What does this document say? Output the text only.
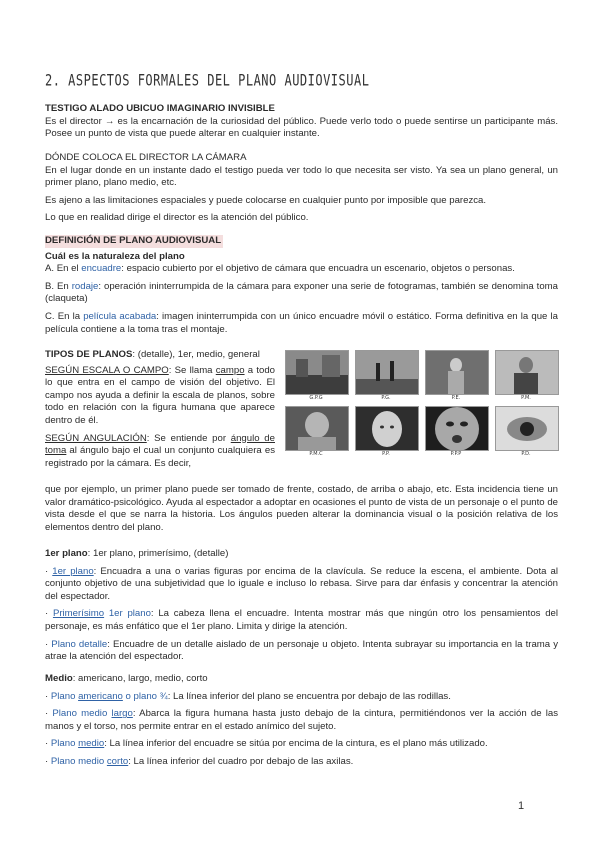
2. ASPECTOS FORMALES DEL PLANO AUDIOVISUAL

TESTIGO ALADO UBICUO IMAGINARIO INVISIBLE

Es el director → es la encarnación de la curiosidad del público. Puede verlo todo o puede sentirse un participante más. Posee un punto de vista que puede alterar en cualquier instante.

DÓNDE COLOCA EL DIRECTOR LA CÁMARA

En el lugar donde en un instante dado el testigo pueda ver todo lo que necesita ser visto. Ya sea un plano general, un primer plano, plano medio, etc.

Es ajeno a las limitaciones espaciales y puede colocarse en cualquier punto por imposible que parezca.

Lo que en realidad dirige el director es la atención del público.

DEFINICIÓN DE PLANO AUDIOVISUAL

Cuál es la naturaleza del plano

A. En el encuadre: espacio cubierto por el objetivo de cámara que encuadra un escenario, objetos o personas.

B. En rodaje: operación ininterrumpida de la cámara para exponer una serie de fotogramas, también se denomina toma (claqueta)

C. En la película acabada: imagen ininterrumpida con un único encuadre móvil o estático. Forma definitiva en la que la película contiene a la toma tras el montaje.

TIPOS DE PLANOS: (detalle), 1er, medio, general

SEGÚN ESCALA O CAMPO: Se llama campo a todo lo que entra en el campo de visión del objetivo. El campo nos ayuda a definir la escala de planos, sobre todo en relación con la figura humana que aparece dentro de él.

SEGÚN ANGULACIÓN: Se entiende por ángulo de toma al ángulo bajo el cual un conjunto cualquiera es registrado por la cámara. Es decir,

que por ejemplo, un primer plano puede ser tomado de frente, costado, de arriba o abajo, etc. Esta incidencia tiene un valor dramático-psicológico. Ayuda al espectador a adoptar en ocasiones el punto de vista de un personaje o el punto de vista desde el que se narra la historia. Los ángulos pueden alterar la dominancia visual o la posición relativa de los elementos dentro del plano.
G.P.G	P.G.	P.E.	P.M.
P.M.C	P.P.	P.P.P	P.D.

1er plano: 1er plano, primerísimo, (detalle)

· 1er plano: Encuadra a una o varias figuras por encima de la clavícula. Se reduce la escena, el ambiente. Dota al conjunto objetivo de una subjetividad que lo iguale e incluso lo rebasa. Sirve para dar énfasis y concentrar la atención del espectador.

· Primerísimo 1er plano: La cabeza llena el encuadre. Intenta mostrar más que ningún otro los pensamientos del personaje, es más enfático que el 1er plano. Limita y dirige la atención.

· Plano detalle: Encuadre de un detalle aislado de un personaje u objeto. Intenta subrayar su importancia en la trama y atrae la atención del espectador.

Medio: americano, largo, medio, corto

· Plano americano o plano ¾: La línea inferior del plano se encuentra por debajo de las rodillas.

· Plano medio largo: Abarca la figura humana hasta justo debajo de la cintura, permitiéndonos ver la acción de las manos y el torso, nos permite entrar en el estado anímico del sujeto.

· Plano medio: La línea inferior del encuadre se sitúa por encima de la cintura, es el plano más utilizado.

· Plano medio corto: La línea inferior del cuadro por debajo de las axilas.

1
